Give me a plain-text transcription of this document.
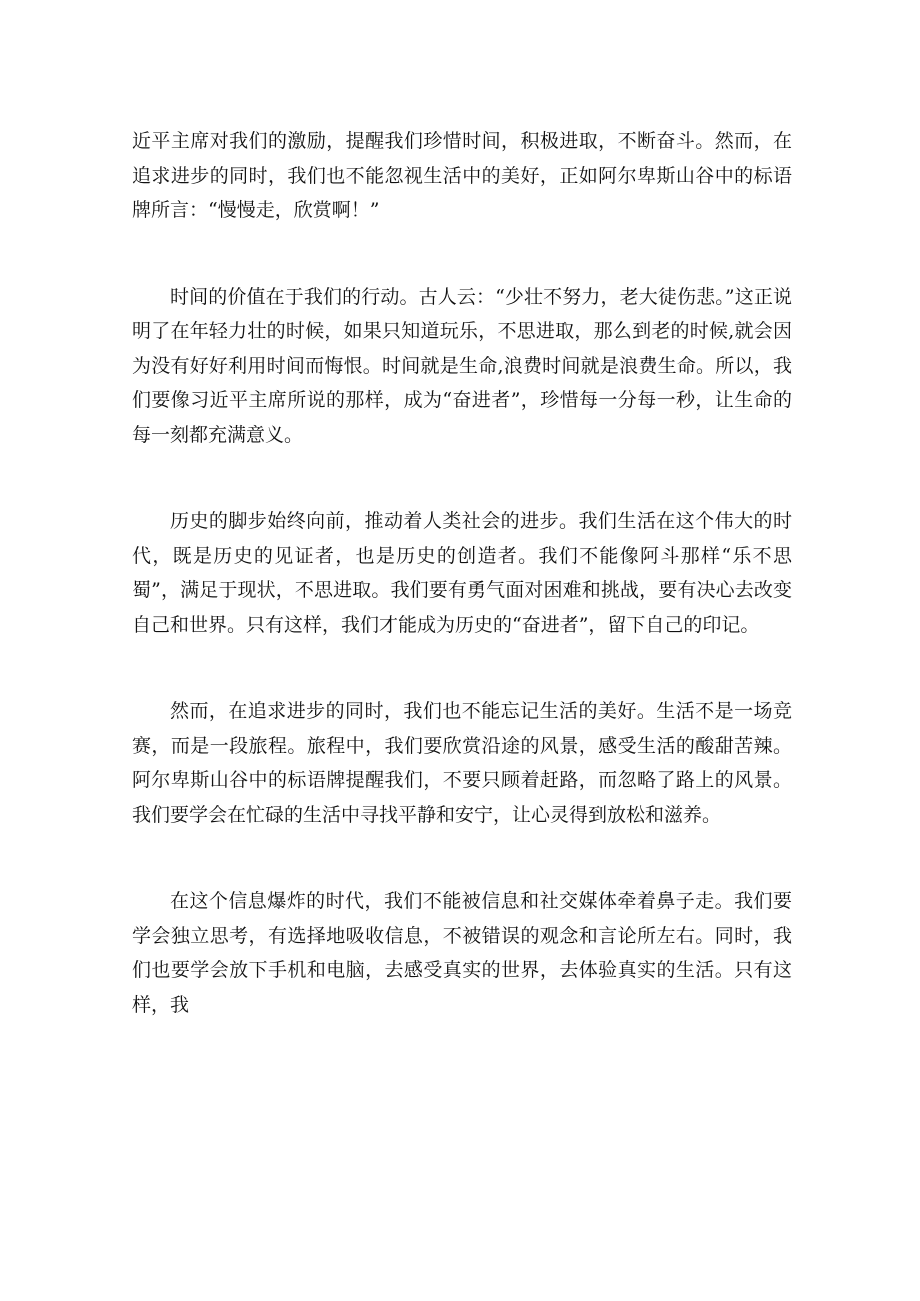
近平主席对我们的激励，提醒我们珍惜时间，积极进取，不断奋斗。然而，在追求进步的同时，我们也不能忽视生活中的美好，正如阿尔卑斯山谷中的标语牌所言：“慢慢走，欣赏啊！”

时间的价值在于我们的行动。古人云：“少壮不努力，老大徒伤悲。”这正说明了在年轻力壮的时候，如果只知道玩乐，不思进取，那么到老的时候,就会因为没有好好利用时间而悔恨。时间就是生命,浪费时间就是浪费生命。所以，我们要像习近平主席所说的那样，成为“奋进者”，珍惜每一分每一秒，让生命的每一刻都充满意义。

历史的脚步始终向前，推动着人类社会的进步。我们生活在这个伟大的时代，既是历史的见证者，也是历史的创造者。我们不能像阿斗那样“乐不思蜀”，满足于现状，不思进取。我们要有勇气面对困难和挑战，要有决心去改变自己和世界。只有这样，我们才能成为历史的“奋进者”，留下自己的印记。

然而，在追求进步的同时，我们也不能忘记生活的美好。生活不是一场竞赛，而是一段旅程。旅程中，我们要欣赏沿途的风景，感受生活的酸甜苦辣。阿尔卑斯山谷中的标语牌提醒我们，不要只顾着赶路，而忽略了路上的风景。我们要学会在忙碌的生活中寻找平静和安宁，让心灵得到放松和滋养。

在这个信息爆炸的时代，我们不能被信息和社交媒体牵着鼻子走。我们要学会独立思考，有选择地吸收信息，不被错误的观念和言论所左右。同时，我们也要学会放下手机和电脑，去感受真实的世界，去体验真实的生活。只有这样，我
